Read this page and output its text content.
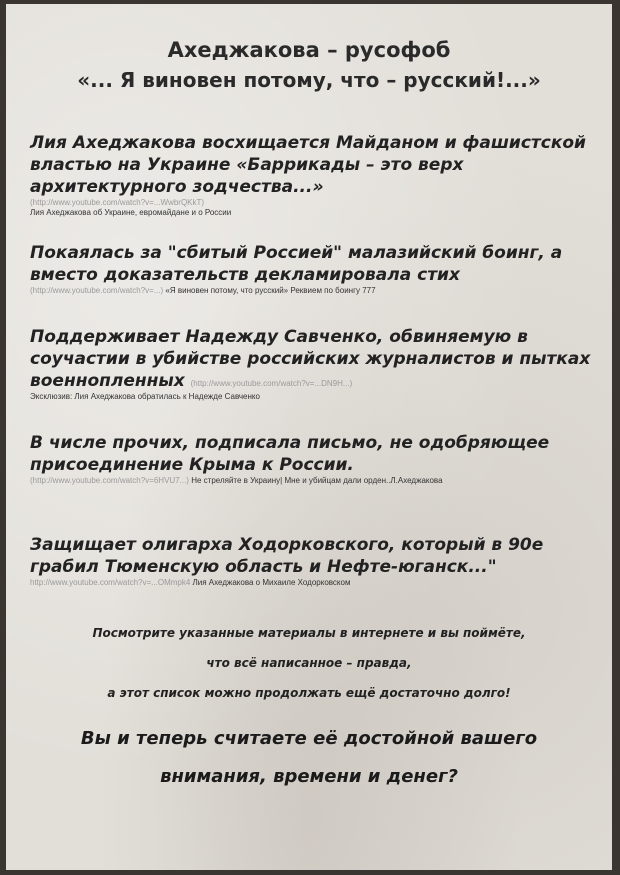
Ахеджакова – русофоб
«... Я виновен потому, что – русский!...»

Лия Ахеджакова восхищается Майданом и фашистской властью на Украине «Баррикады – это верх архитектурного зодчества...»

(http://www.youtube.com/watch?v=...WwbrQKkT)
Лия Ахеджакова об Украине, евромайдане и о России

Покаялась за "сбитый Россией" малазийский боинг, а вместо доказательств декламировала стих

(http://www.youtube.com/watch?v=...) «Я виновен потому, что русский» Реквием по боингу 777

Поддерживает Надежду Савченко, обвиняемую в соучастии в убийстве российских журналистов и пытках военнопленных (http://www.youtube.com/watch?v=...DN9H...)

Эксклюзив: Лия Ахеджакова обратилась к Надежде Савченко

В числе прочих, подписала письмо, не одобряющее присоединение Крыма к России.

(http://www.youtube.com/watch?v=6HVU7...) Не стреляйте в Украину| Мне и убийцам дали орден..Л.Ахеджакова

Защищает олигарха Ходорковского, который в 90е грабил Тюменскую область и Нефте-юганск..."

http://www.youtube.com/watch?v=...OMmpk4 Лия Ахеджакова о Михаиле Ходорковском
Посмотрите указанные материалы в интернете и вы поймёте,
что всё написанное – правда,
а этот список можно продолжать ещё достаточно долго!
Вы и теперь считаете её достойной вашего
внимания, времени и денег?
